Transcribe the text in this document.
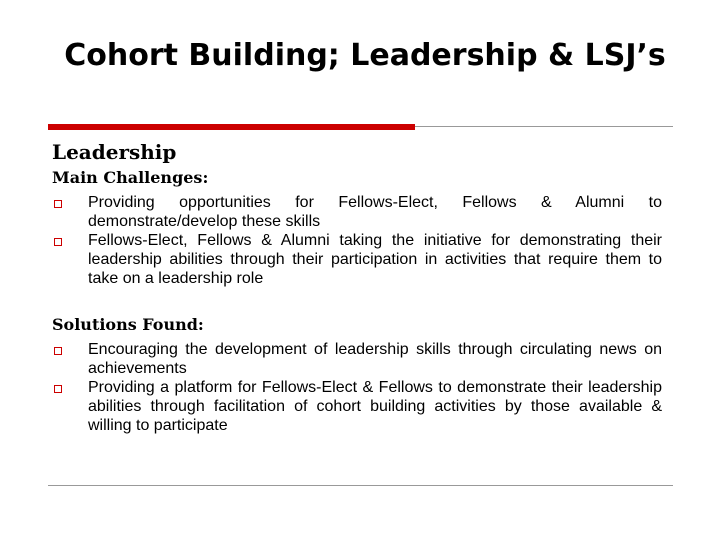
Cohort Building; Leadership & LSJ’s
Leadership
Main Challenges:
Providing opportunities for Fellows-Elect, Fellows & Alumni to demonstrate/develop these skills
Fellows-Elect, Fellows & Alumni taking the initiative for demonstrating their leadership abilities through their participation in activities that require them to take on a leadership role
Solutions Found:
Encouraging the development of leadership skills through circulating news on achievements
Providing a platform for Fellows-Elect & Fellows to demonstrate their leadership abilities through facilitation of cohort building activities by those available & willing to participate
